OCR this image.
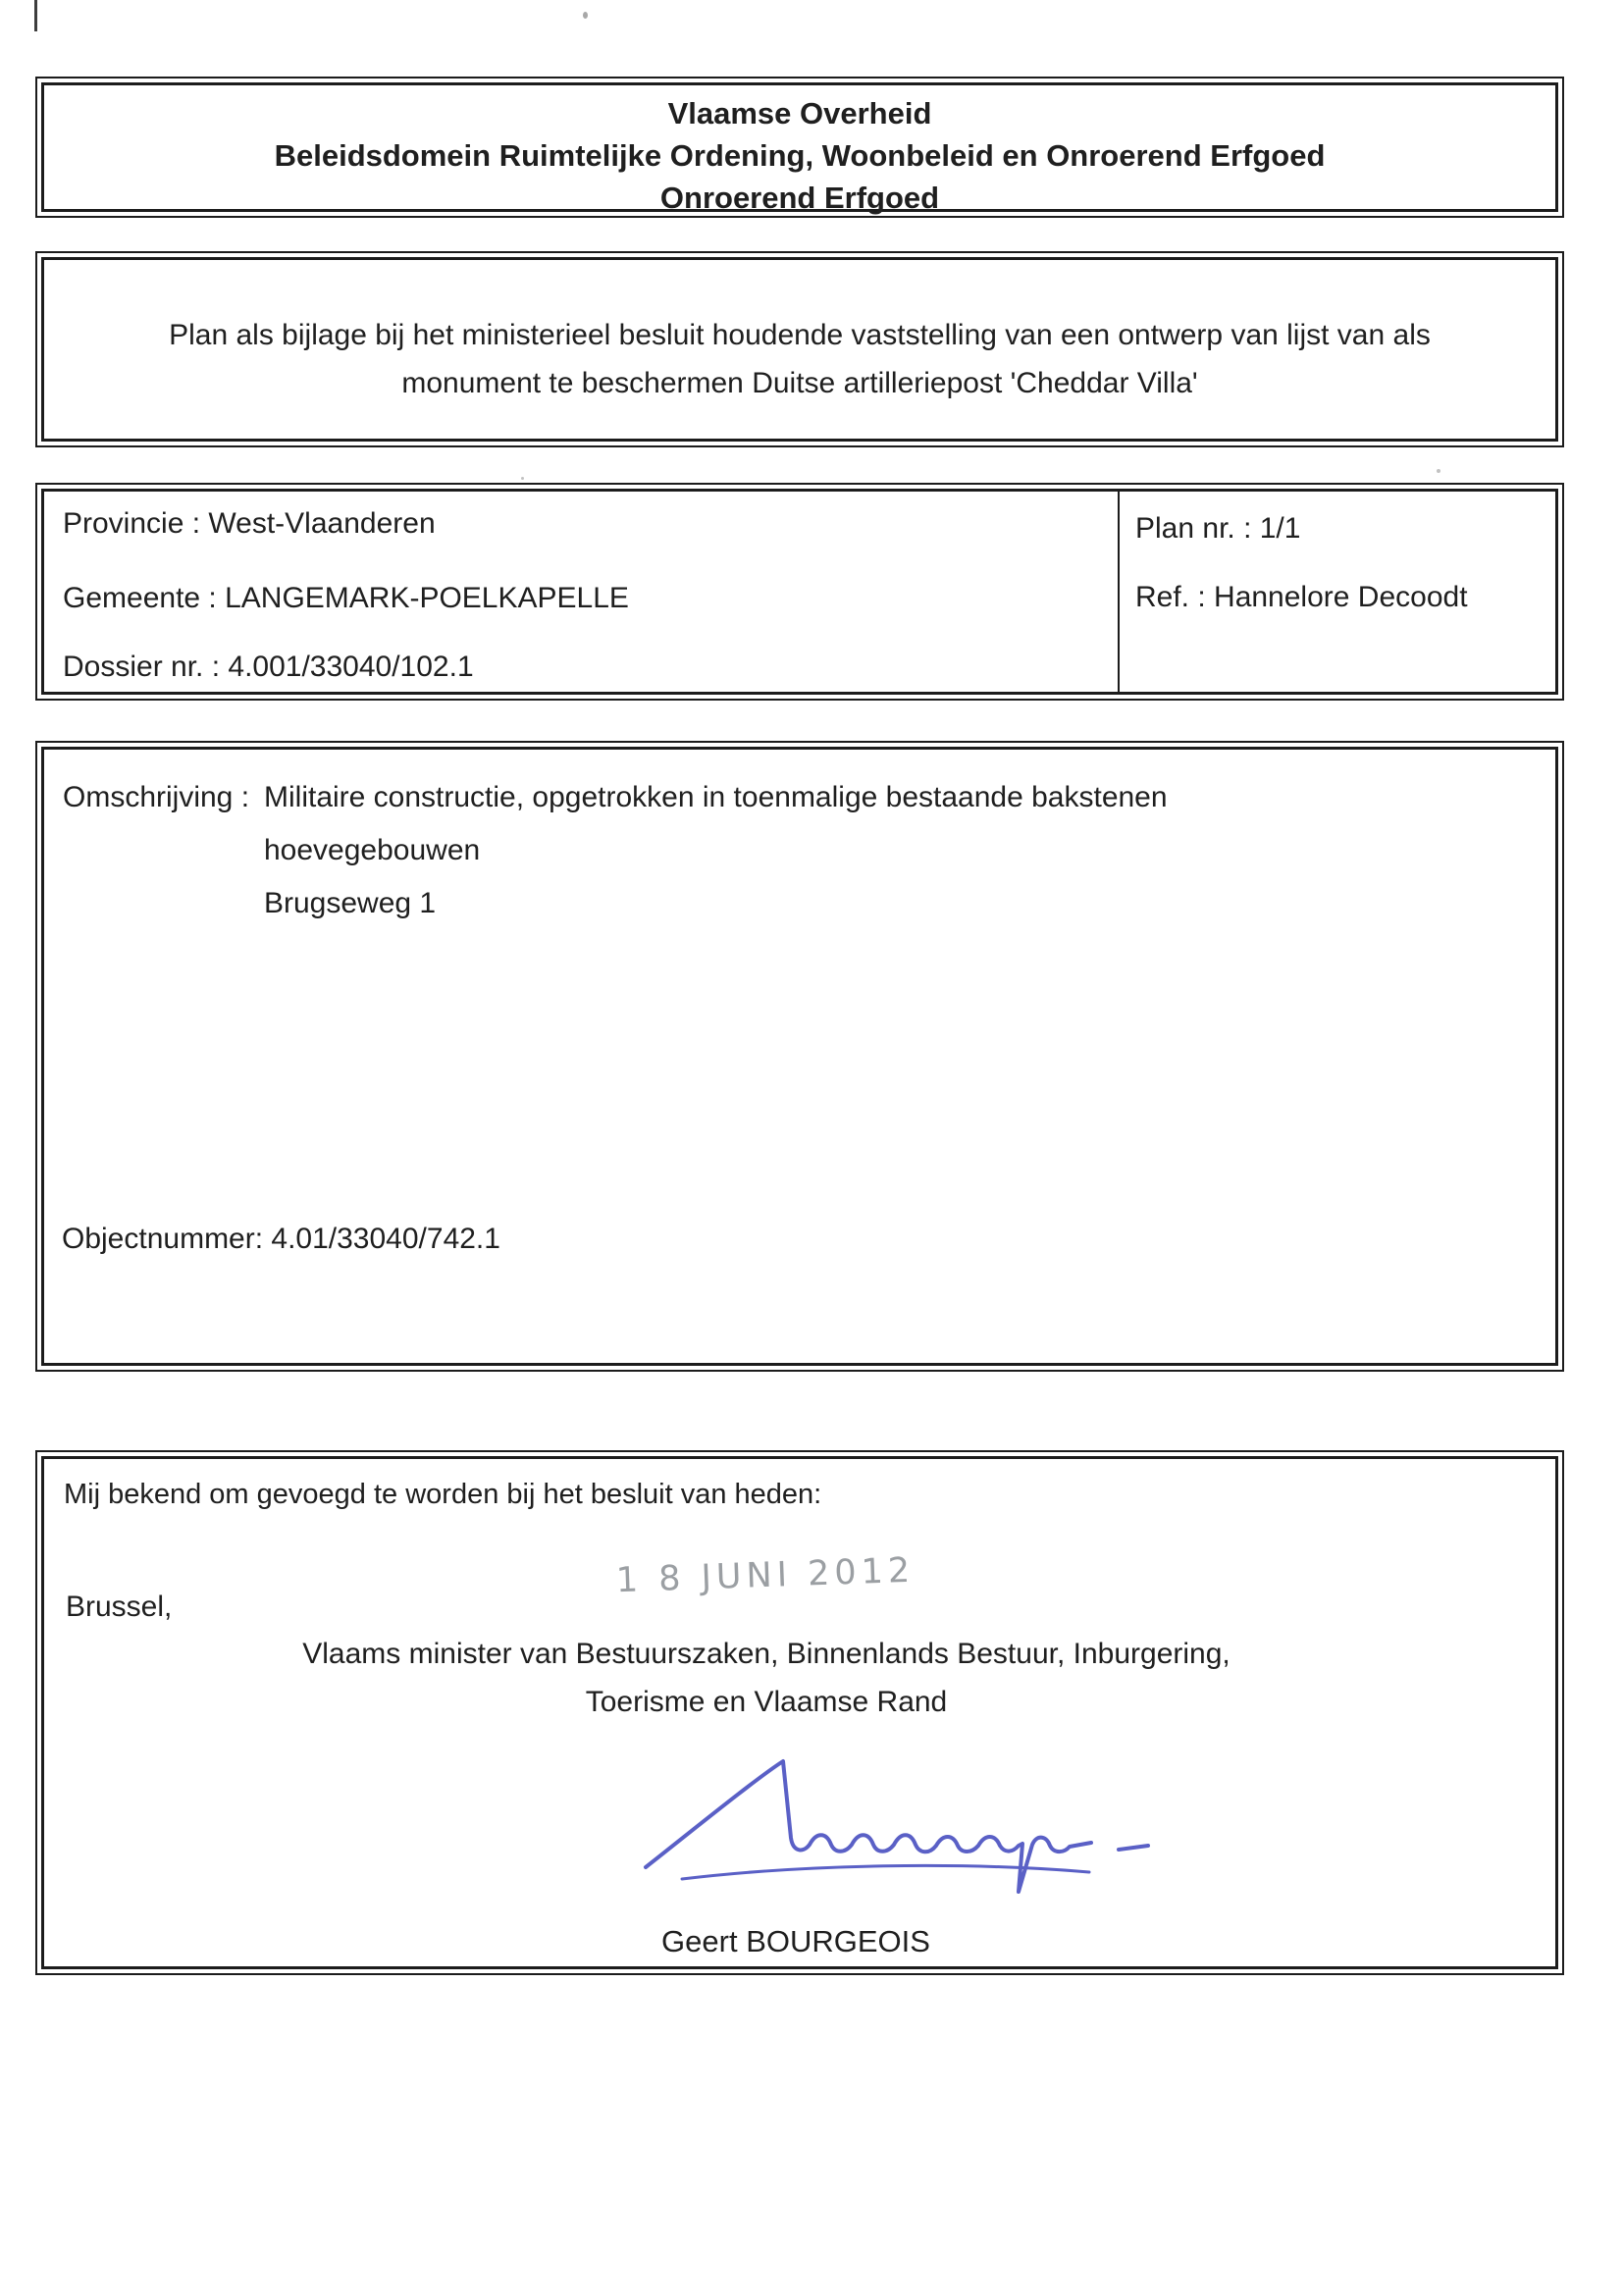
Vlaamse Overheid
Beleidsdomein Ruimtelijke Ordening, Woonbeleid en Onroerend Erfgoed
Onroerend Erfgoed
Plan als bijlage bij het ministerieel besluit houdende vaststelling van een ontwerp van lijst van als
monument te beschermen Duitse artilleriepost 'Cheddar Villa'
Provincie : West-Vlaanderen
Gemeente : LANGEMARK-POELKAPELLE
Dossier nr. : 4.001/33040/102.1
Plan nr. : 1/1
Ref. : Hannelore Decoodt
Omschrijving : Militaire constructie, opgetrokken in toenmalige bestaande bakstenen
hoevegebouwen
Brugseweg 1
Objectnummer: 4.01/33040/742.1
Mij bekend om gevoegd te worden bij het besluit van heden:
Brussel,
1 8 JUNI 2012
Vlaams minister van Bestuurszaken, Binnenlands Bestuur, Inburgering,
Toerisme en Vlaamse Rand
Geert BOURGEOIS
